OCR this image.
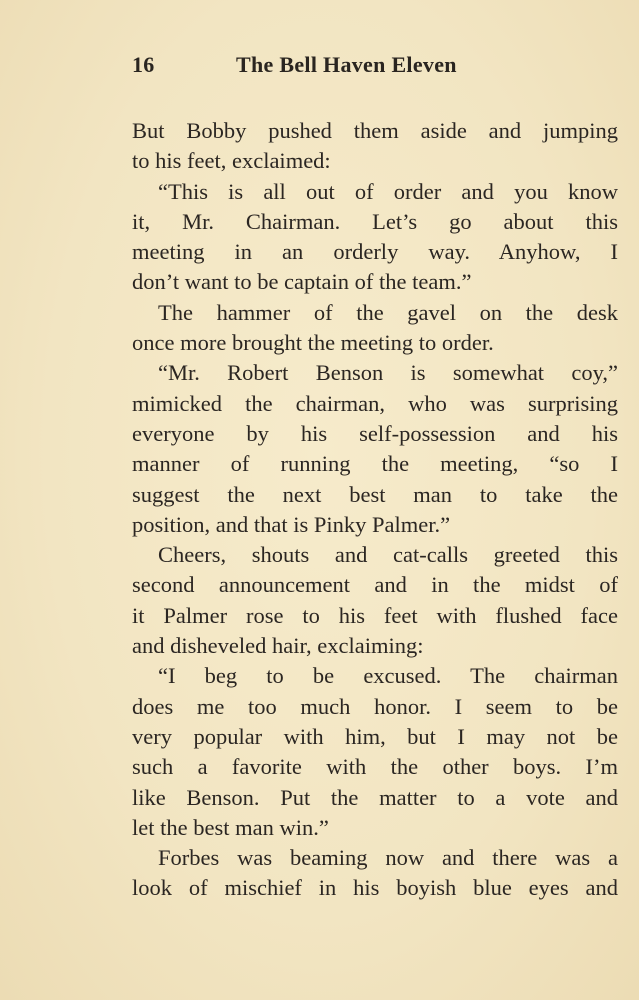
16	The Bell Haven Eleven
But Bobby pushed them aside and jumping
to his feet, exclaimed:
“This is all out of order and you know
it, Mr. Chairman. Let’s go about this
meeting in an orderly way. Anyhow, I
don’t want to be captain of the team.”
The hammer of the gavel on the desk
once more brought the meeting to order.
“Mr. Robert Benson is somewhat coy,”
mimicked the chairman, who was surprising
everyone by his self-possession and his
manner of running the meeting, “so I
suggest the next best man to take the
position, and that is Pinky Palmer.”
Cheers, shouts and cat-calls greeted this
second announcement and in the midst of
it Palmer rose to his feet with flushed face
and disheveled hair, exclaiming:
“I beg to be excused. The chairman
does me too much honor. I seem to be
very popular with him, but I may not be
such a favorite with the other boys. I’m
like Benson. Put the matter to a vote and
let the best man win.”
Forbes was beaming now and there was a
look of mischief in his boyish blue eyes and
